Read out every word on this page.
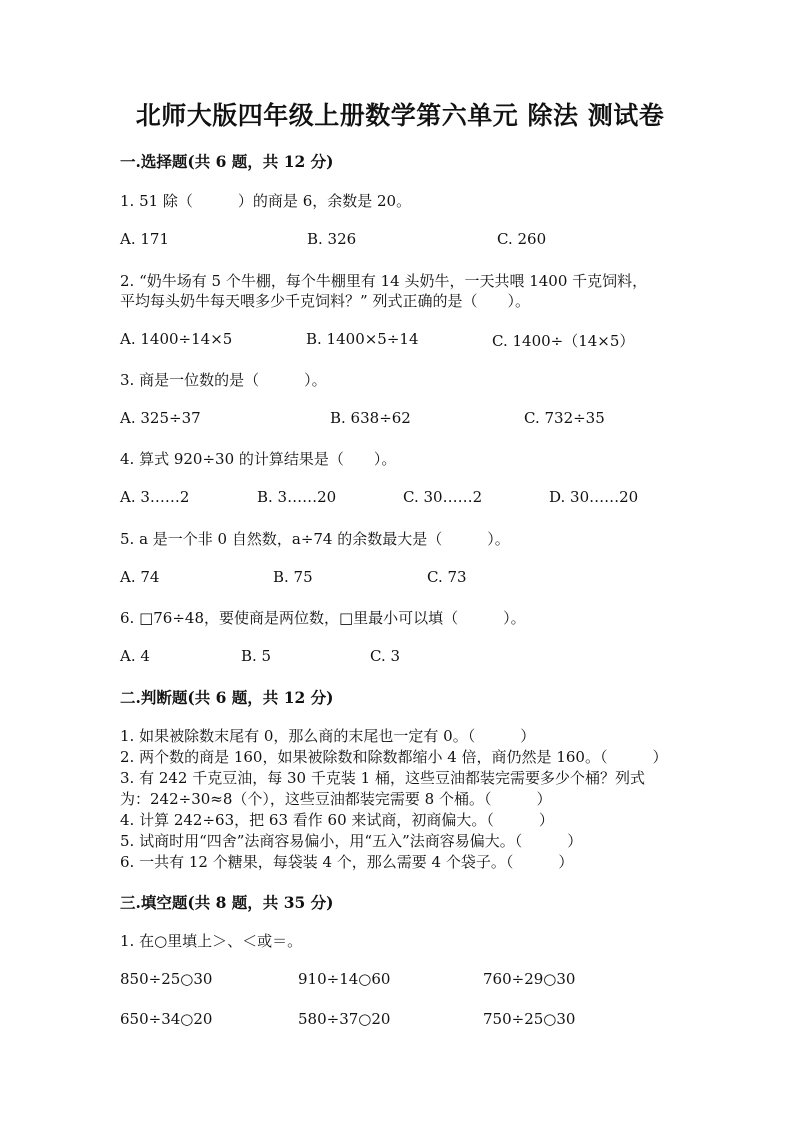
北师大版四年级上册数学第六单元 除法 测试卷
一.选择题(共 6 题，共 12 分)
1. 51 除（　　　）的商是 6，余数是 20。
A. 171	B. 326	C. 260
2. “奶牛场有 5 个牛棚，每个牛棚里有 14 头奶牛，一天共喂 1400 千克饲料，
平均每头奶牛每天喂多少千克饲料？” 列式正确的是（　　）。
A. 1400÷14×5	B. 1400×5÷14	C. 1400÷（14×5）
3. 商是一位数的是（　　　）。
A. 325÷37	B. 638÷62	C. 732÷35
4. 算式 920÷30 的计算结果是（　　）。
A. 3……2	B. 3……20	C. 30……2	D. 30……20
5. a 是一个非 0 自然数，a÷74 的余数最大是（　　　）。
A. 74	B. 75	C. 73
6. □76÷48，要使商是两位数，□里最小可以填（　　　）。
A. 4	B. 5	C. 3
二.判断题(共 6 题，共 12 分)
1. 如果被除数末尾有 0，那么商的末尾也一定有 0。（　　　）
2. 两个数的商是 160，如果被除数和除数都缩小 4 倍，商仍然是 160。（　　　）
3. 有 242 千克豆油，每 30 千克装 1 桶，这些豆油都装完需要多少个桶？列式
为：242÷30≈8（个），这些豆油都装完需要 8 个桶。（　　　）
4. 计算 242÷63，把 63 看作 60 来试商，初商偏大。（　　　）
5. 试商时用“四舍”法商容易偏小，用“五入”法商容易偏大。（　　　）
6. 一共有 12 个糖果，每袋装 4 个，那么需要 4 个袋子。（　　　）
三.填空题(共 8 题，共 35 分)
1. 在○里填上＞、＜或＝。
850÷25○30	910÷14○60	760÷29○30
650÷34○20	580÷37○20	750÷25○30
